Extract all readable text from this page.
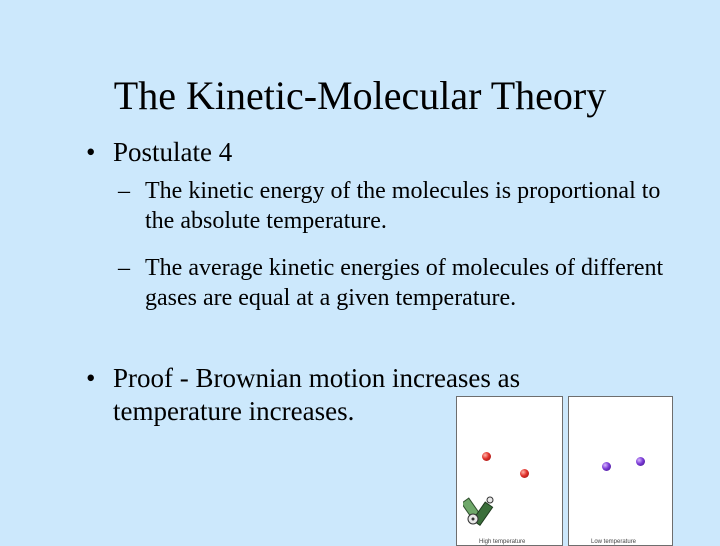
The Kinetic-Molecular Theory
• Postulate 4
– The kinetic energy of the molecules is proportional to the absolute temperature.
– The average kinetic energies of molecules of different gases are equal at a given temperature.
• Proof - Brownian motion increases as temperature increases.
High temperature	Low temperature
